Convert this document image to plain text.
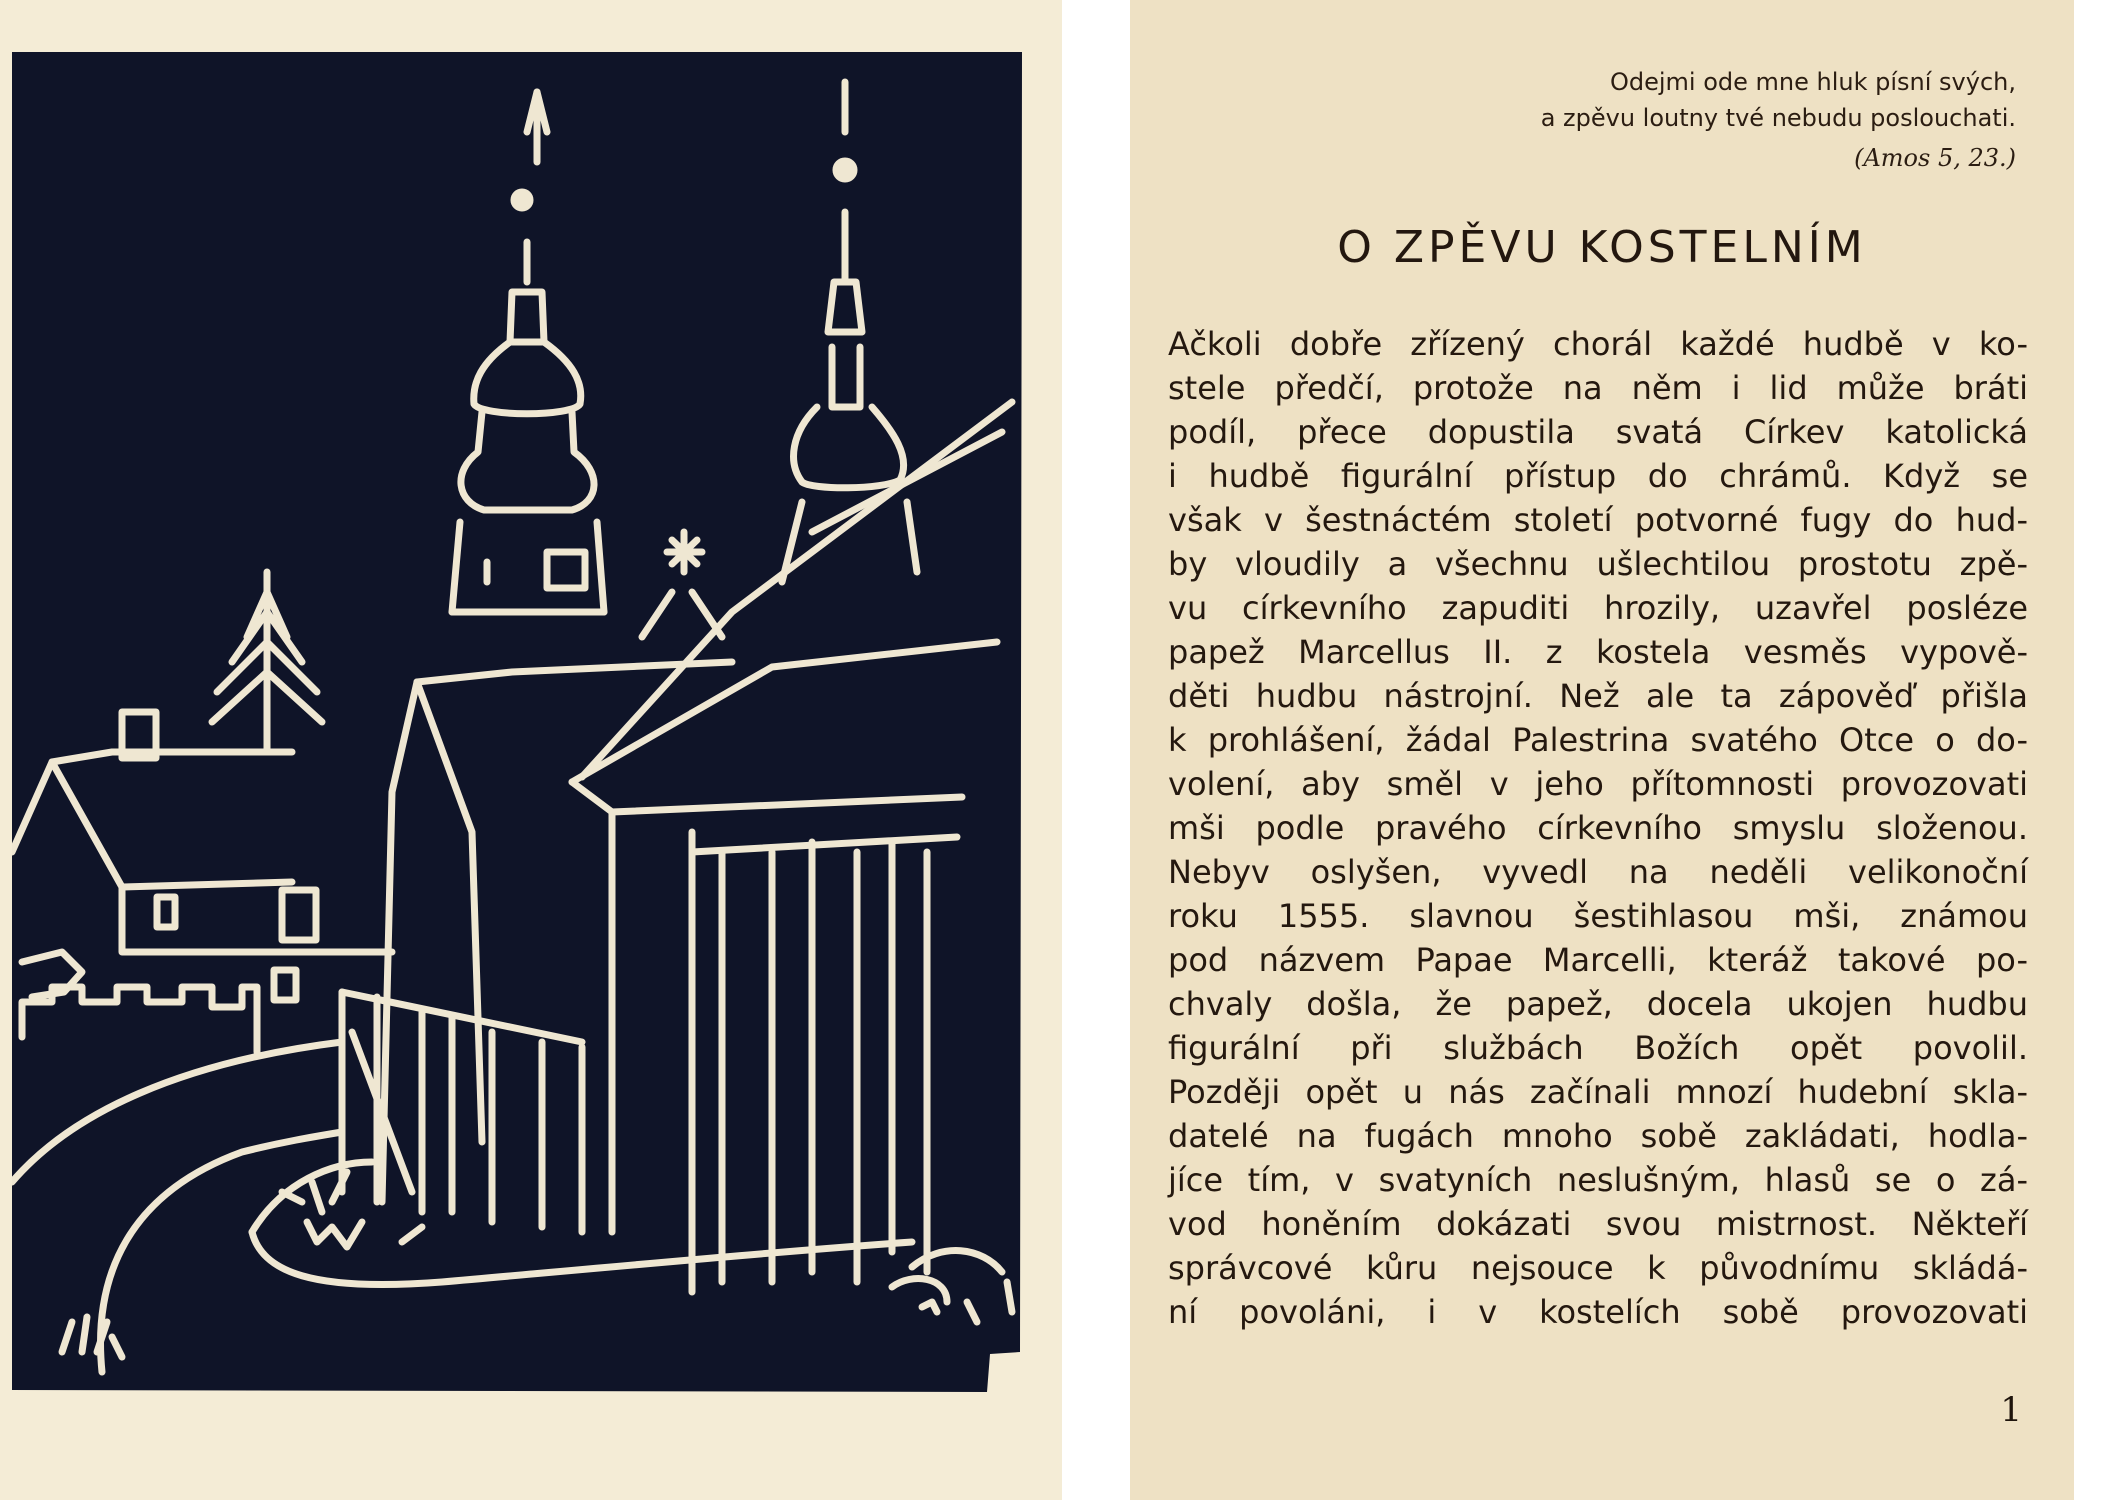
Odejmi ode mne hluk písní svých,
a zpěvu loutny tvé nebudu poslouchati.
(Amos 5, 23.)
O ZPĚVU KOSTELNÍM
Ačkoli dobře zřízený chorál každé hudbě v ko-
stele předčí, protože na něm i lid může bráti
podíl, přece dopustila svatá Církev katolická
i hudbě figurální přístup do chrámů. Když se
však v šestnáctém století potvorné fugy do hud-
by vloudily a všechnu ušlechtilou prostotu zpě-
vu církevního zapuditi hrozily, uzavřel posléze
papež Marcellus II. z kostela vesměs vypově-
děti hudbu nástrojní. Než ale ta zápověď přišla
k prohlášení, žádal Palestrina svatého Otce o do-
volení, aby směl v jeho přítomnosti provozovati
mši podle pravého církevního smyslu složenou.
Nebyv oslyšen, vyvedl na neděli velikonoční
roku 1555. slavnou šestihlasou mši, známou
pod názvem Papae Marcelli, kteráž takové po-
chvaly došla, že papež, docela ukojen hudbu
figurální při službách Božích opět povolil.
Později opět u nás začínali mnozí hudební skla-
datelé na fugách mnoho sobě zakládati, hodla-
jíce tím, v svatyních neslušným, hlasů se o zá-
vod honěním dokázati svou mistrnost. Někteří
správcové kůru nejsouce k původnímu skládá-
ní povoláni, i v kostelích sobě provozovati
1
